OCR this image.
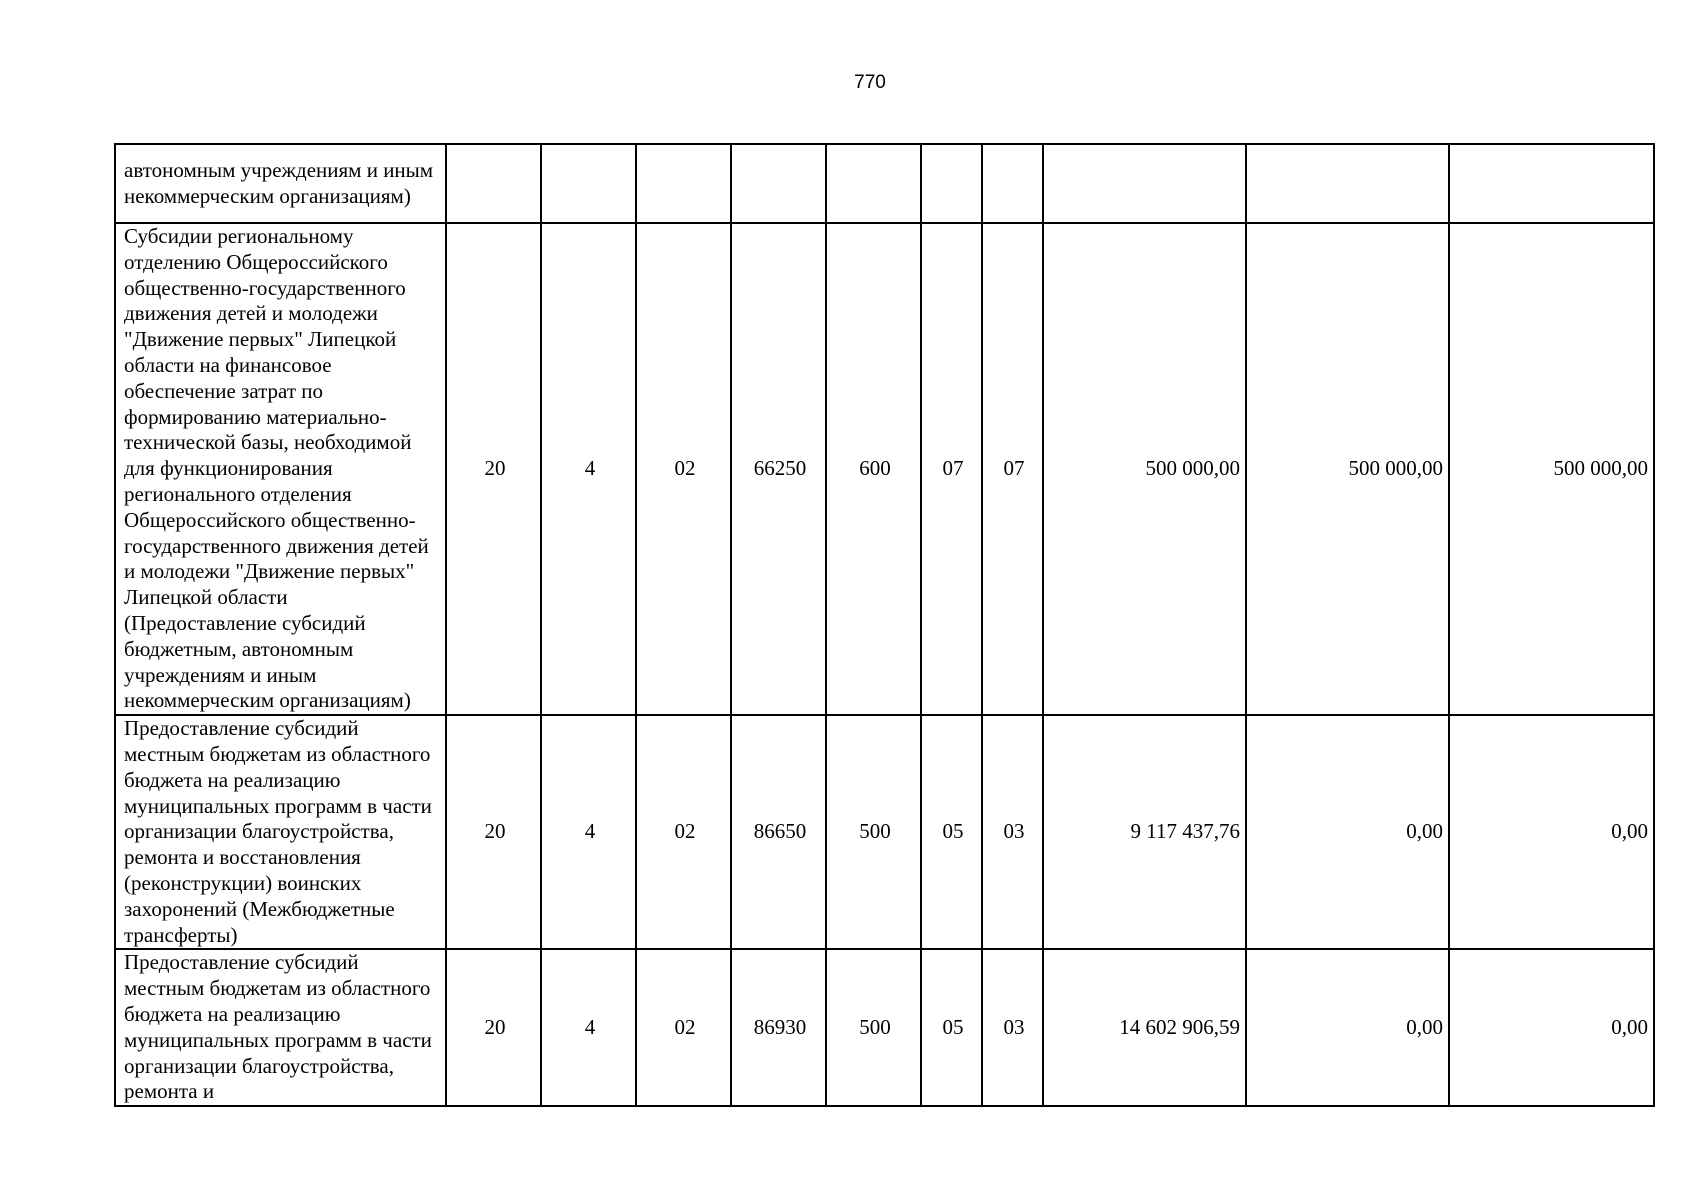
770
автономным учреждениям и иным некоммерческим организациям)										
Субсидии региональному отделению Общероссийского общественно-государственного движения детей и молодежи "Движение первых" Липецкой области на финансовое обеспечение затрат по формированию материально-технической базы, необходимой для функционирования регионального отделения Общероссийского общественно-государственного движения детей и молодежи "Движение первых" Липецкой области (Предоставление субсидий бюджетным, автономным учреждениям и иным некоммерческим организациям)	20	4	02	66250	600	07	07	500 000,00	500 000,00	500 000,00
Предоставление субсидий местным бюджетам из областного бюджета на реализацию муниципальных программ в части организации благоустройства, ремонта и восстановления (реконструкции) воинских захоронений (Межбюджетные трансферты)	20	4	02	86650	500	05	03	9 117 437,76	0,00	0,00
Предоставление субсидий местным бюджетам из областного бюджета на реализацию муниципальных программ в части организации благоустройства, ремонта и	20	4	02	86930	500	05	03	14 602 906,59	0,00	0,00
